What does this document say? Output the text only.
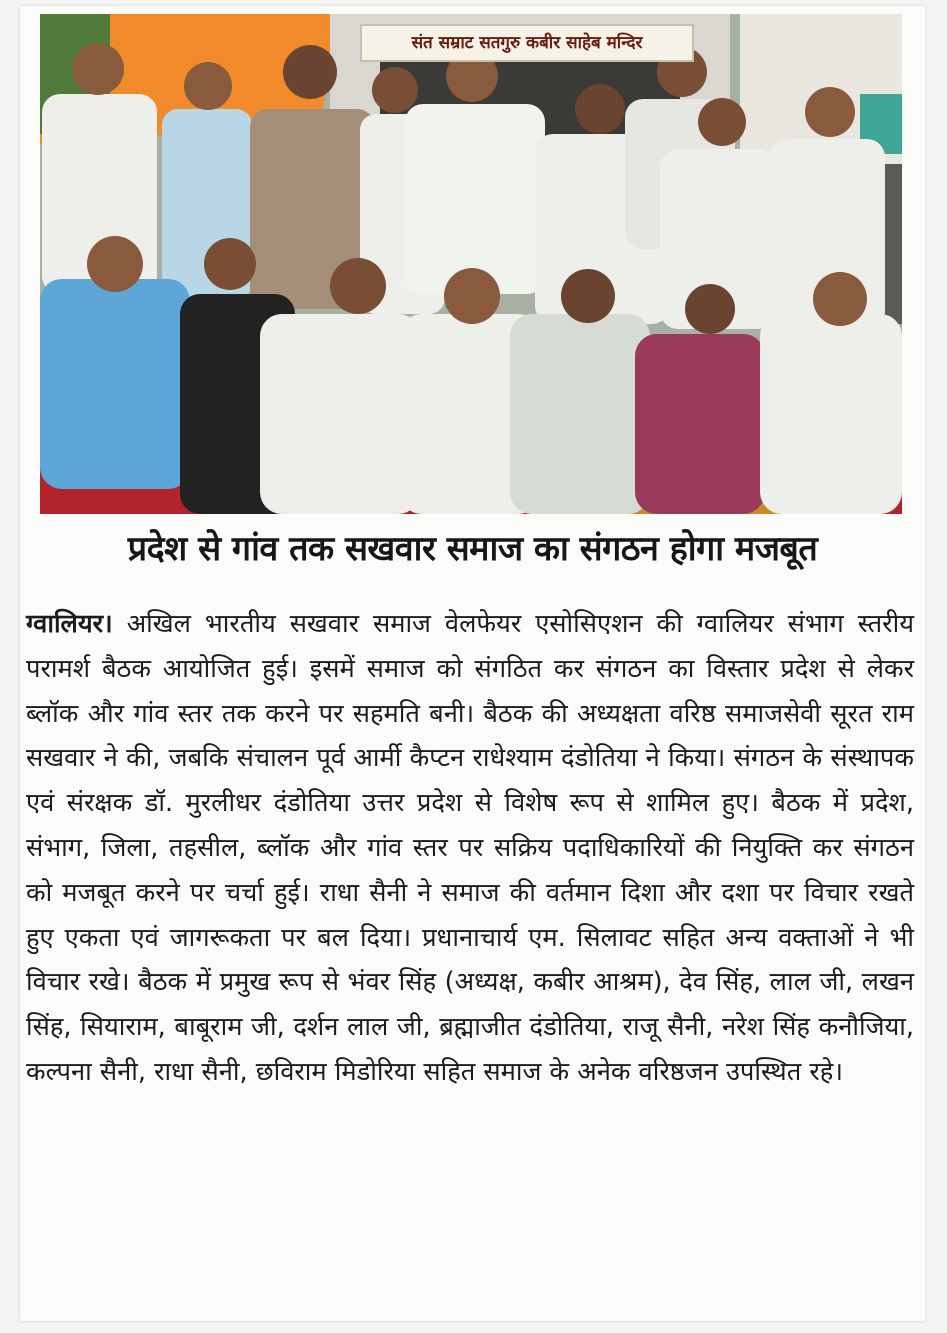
संत सम्राट सतगुरु कबीर साहेब मन्दिर
प्रदेश से गांव तक सखवार समाज का संगठन होगा मजबूत

ग्वालियर। अखिल भारतीय सखवार समाज वेलफेयर एसोसिएशन की ग्वालियर संभाग स्तरीय परामर्श बैठक आयोजित हुई। इसमें समाज को संगठित कर संगठन का विस्तार प्रदेश से लेकर ब्लॉक और गांव स्तर तक करने पर सहमति बनी। बैठक की अध्यक्षता वरिष्ठ समाजसेवी सूरत राम सखवार ने की, जबकि संचालन पूर्व आर्मी कैप्टन राधेश्याम दंडोतिया ने किया। संगठन के संस्थापक एवं संरक्षक डॉ. मुरलीधर दंडोतिया उत्तर प्रदेश से विशेष रूप से शामिल हुए। बैठक में प्रदेश, संभाग, जिला, तहसील, ब्लॉक और गांव स्तर पर सक्रिय पदाधिकारियों की नियुक्ति कर संगठन को मजबूत करने पर चर्चा हुई। राधा सैनी ने समाज की वर्तमान दिशा और दशा पर विचार रखते हुए एकता एवं जागरूकता पर बल दिया। प्रधानाचार्य एम. सिलावट सहित अन्य वक्ताओं ने भी विचार रखे। बैठक में प्रमुख रूप से भंवर सिंह (अध्यक्ष, कबीर आश्रम), देव सिंह, लाल जी, लखन सिंह, सियाराम, बाबूराम जी, दर्शन लाल जी, ब्रह्माजीत दंडोतिया, राजू सैनी, नरेश सिंह कनौजिया, कल्पना सैनी, राधा सैनी, छविराम मिडोरिया सहित समाज के अनेक वरिष्ठजन उपस्थित रहे।
